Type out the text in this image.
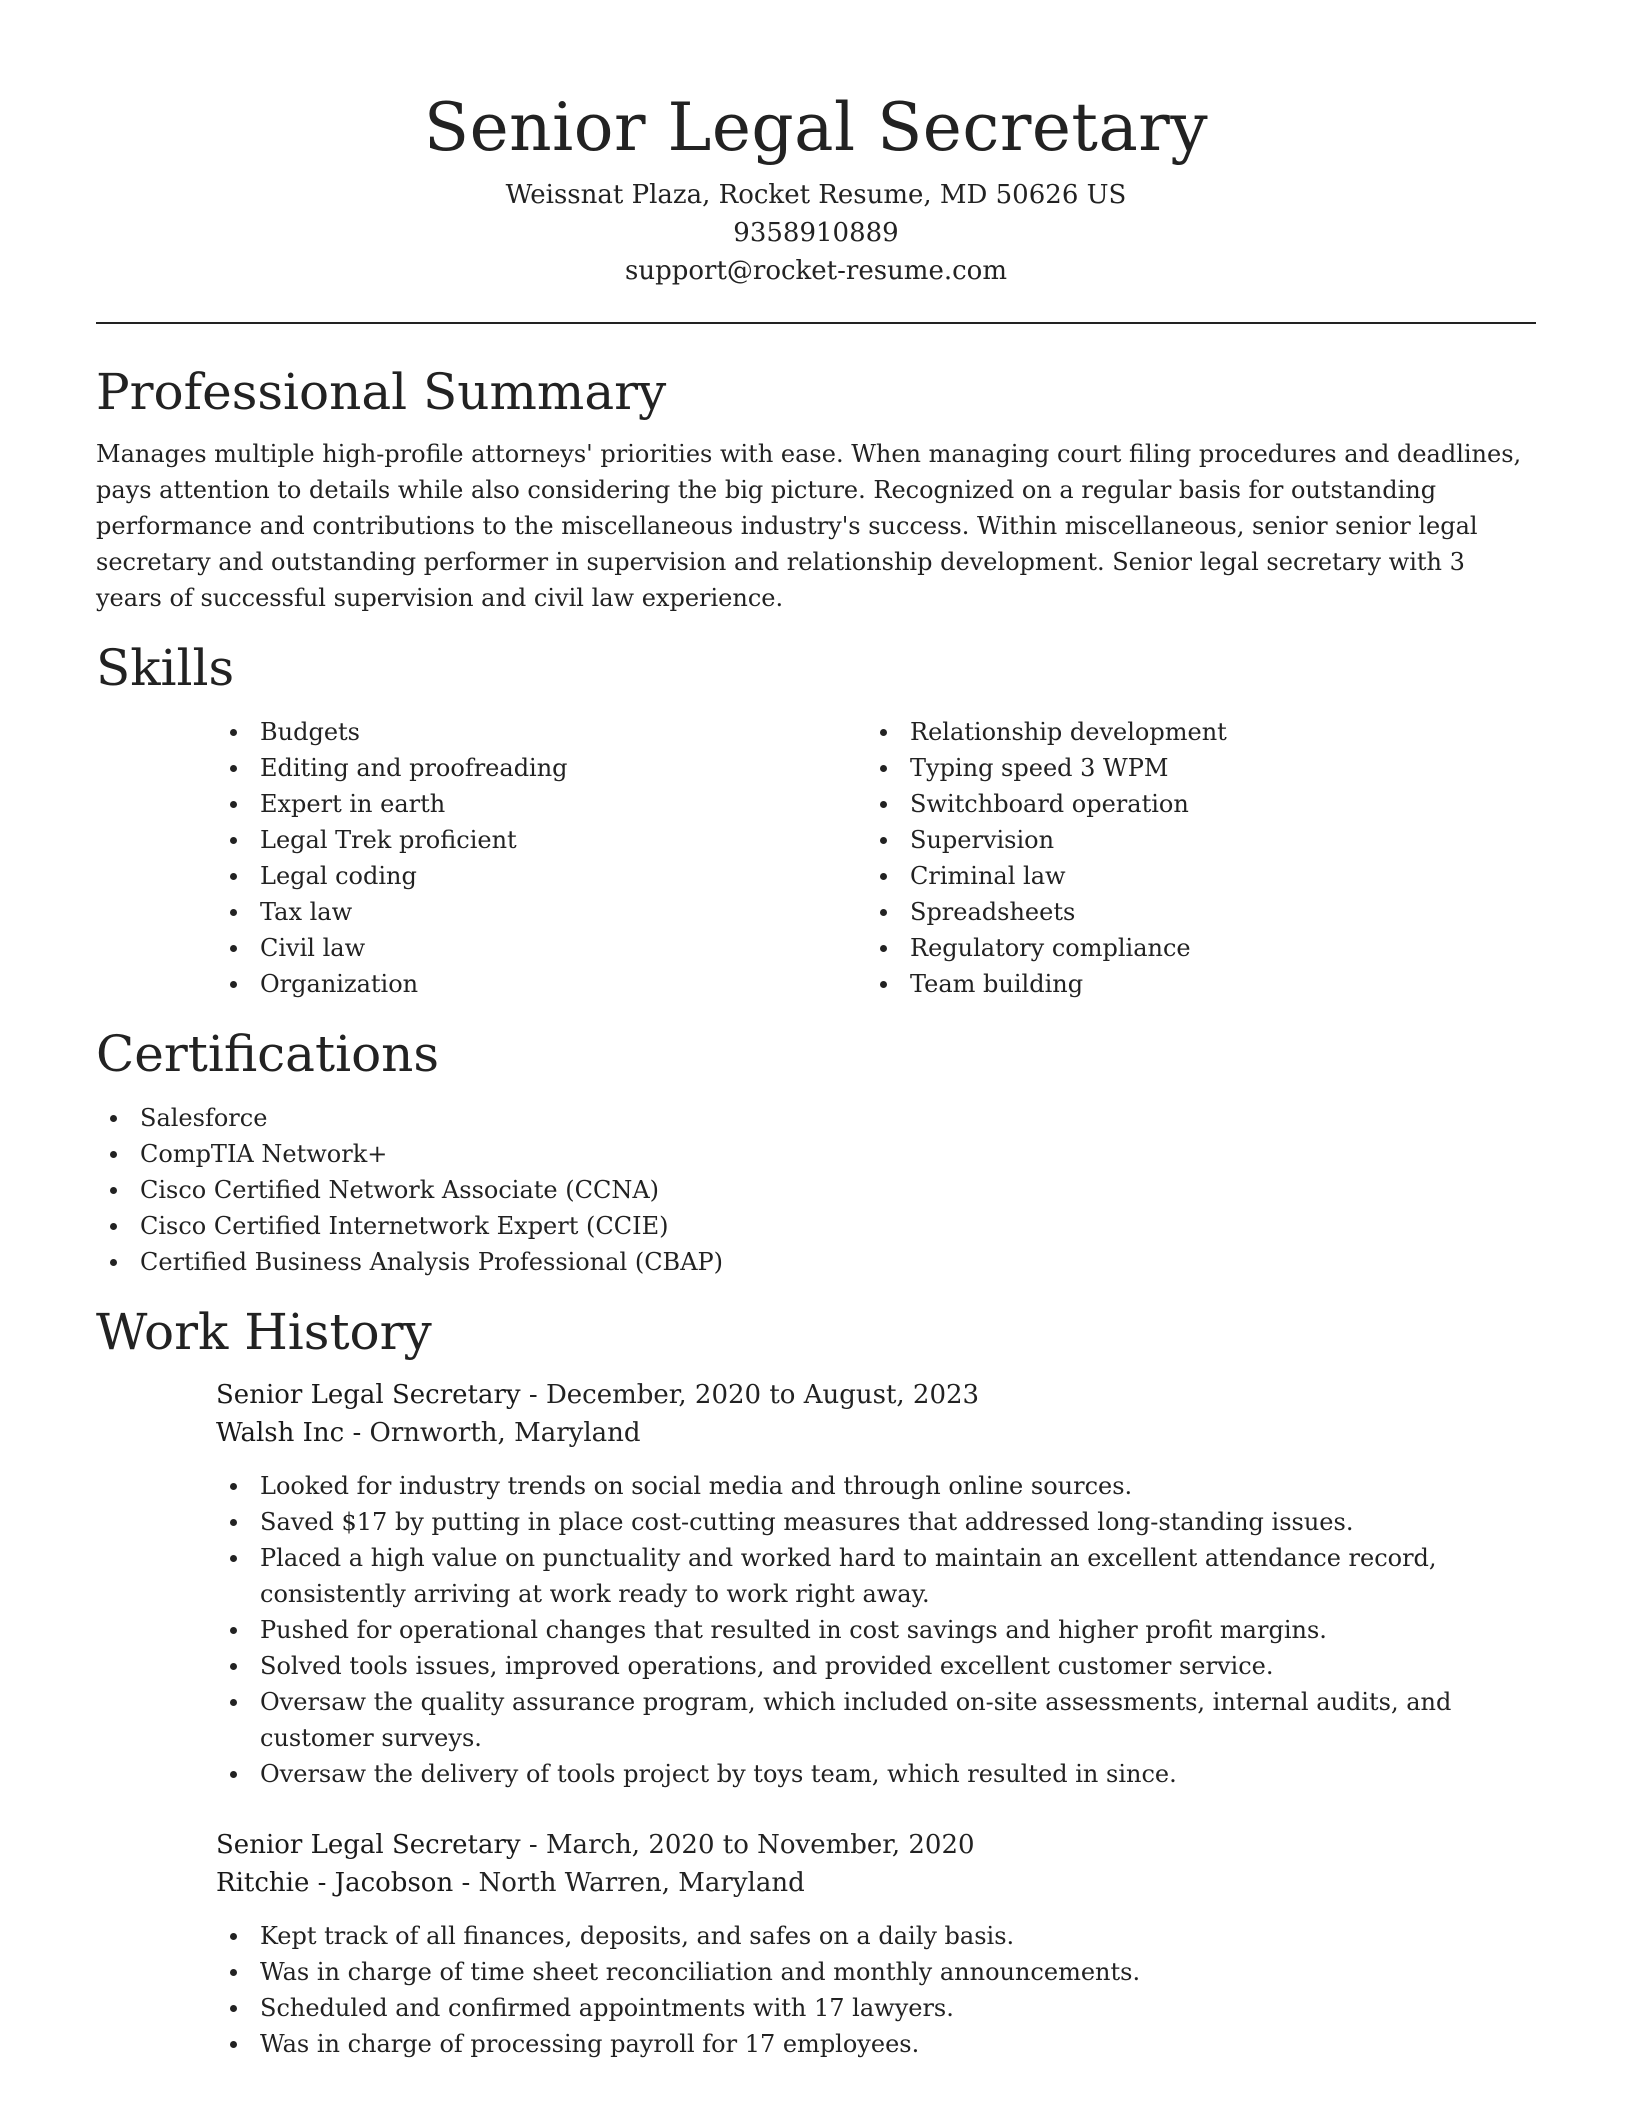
Senior Legal Secretary

Weissnat Plaza, Rocket Resume, MD 50626 US

9358910889

support@rocket-resume.com

Professional Summary

Manages multiple high-profile attorneys' priorities with ease. When managing court filing procedures and deadlines, pays attention to details while also considering the big picture. Recognized on a regular basis for outstanding performance and contributions to the miscellaneous industry's success. Within miscellaneous, senior senior legal secretary and outstanding performer in supervision and relationship development. Senior legal secretary with 3 years of successful supervision and civil law experience.

Skills
Budgets
Editing and proofreading
Expert in earth
Legal Trek proficient
Legal coding
Tax law
Civil law
Organization
Relationship development
Typing speed 3 WPM
Switchboard operation
Supervision
Criminal law
Spreadsheets
Regulatory compliance
Team building
Certifications
Salesforce
CompTIA Network+
Cisco Certified Network Associate (CCNA)
Cisco Certified Internetwork Expert (CCIE)
Certified Business Analysis Professional (CBAP)
Work History

Senior Legal Secretary - December, 2020 to August, 2023

Walsh Inc - Ornworth, Maryland

Looked for industry trends on social media and through online sources.
Saved $17 by putting in place cost-cutting measures that addressed long-standing issues.
Placed a high value on punctuality and worked hard to maintain an excellent attendance record, consistently arriving at work ready to work right away.
Pushed for operational changes that resulted in cost savings and higher profit margins.
Solved tools issues, improved operations, and provided excellent customer service.
Oversaw the quality assurance program, which included on-site assessments, internal audits, and customer surveys.
Oversaw the delivery of tools project by toys team, which resulted in since.

Senior Legal Secretary - March, 2020 to November, 2020

Ritchie - Jacobson - North Warren, Maryland

Kept track of all finances, deposits, and safes on a daily basis.
Was in charge of time sheet reconciliation and monthly announcements.
Scheduled and confirmed appointments with 17 lawyers.
Was in charge of processing payroll for 17 employees.
